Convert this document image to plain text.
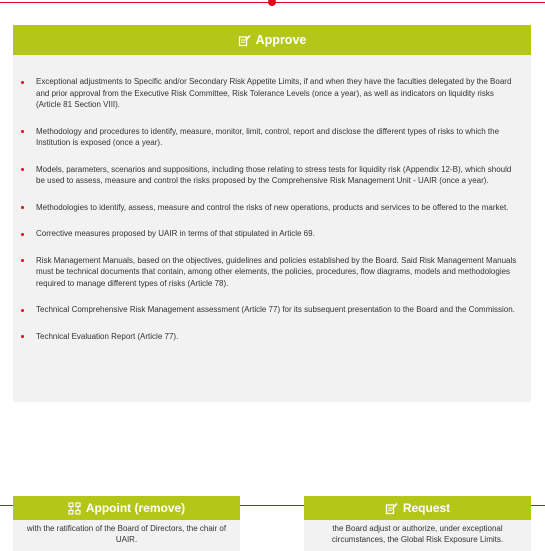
Approve
Exceptional adjustments to Specific and/or Secondary Risk Appetite Limits, if and when they have the faculties delegated by the Board and prior approval from the Executive Risk Committee, Risk Tolerance Levels (once a year), as well as indicators on liquidity risks (Article 81 Section VIII).
Methodology and procedures to identify, measure, monitor, limit, control, report and disclose the different types of risks to which the Institution is exposed (once a year).
Models, parameters, scenarios and suppositions, including those relating to stress tests for liquidity risk (Appendix 12-B), which should be used to assess, measure and control the risks proposed by the Comprehensive Risk Management Unit - UAIR (once a year).
Methodologies to identify, assess, measure and control the risks of new operations, products and services to be offered to the market.
Corrective measures proposed by UAIR in terms of that stipulated in Article 69.
Risk Management Manuals, based on the objectives, guidelines and policies established by the Board. Said Risk Management Manuals must be technical documents that contain, among other elements, the policies, procedures, flow diagrams, models and methodologies required to manage different types of risks (Article 78).
Technical Comprehensive Risk Management assessment (Article 77) for its subsequent presentation to the Board and the Commission.
Technical Evaluation Report (Article 77).
Appoint (remove)
with the ratification of the Board of Directors, the chair of UAIR.
Request
the Board adjust or authorize, under exceptional circumstances, the Global Risk Exposure Limits.
